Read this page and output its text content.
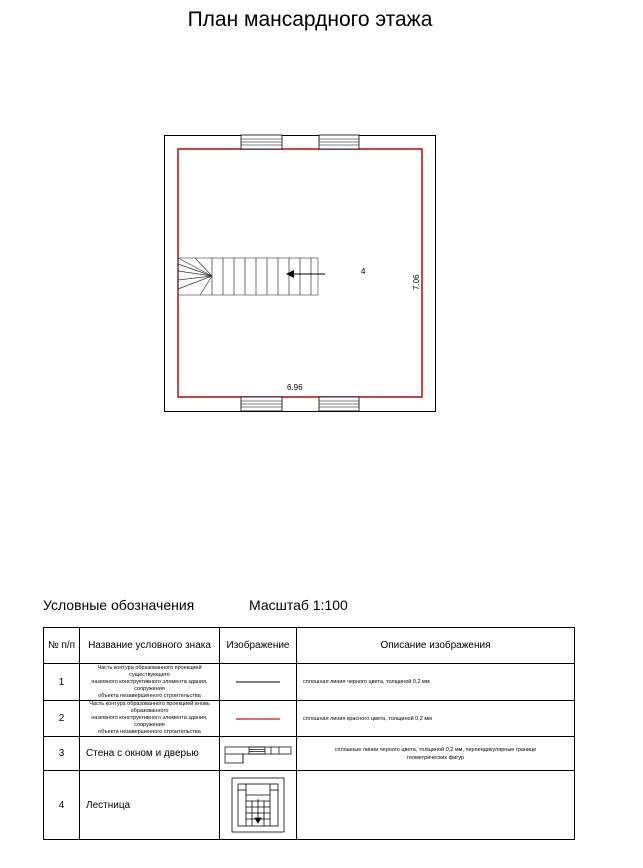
План мансардного этажа
4
6.96
7.06
Условные обозначения	Масштаб 1:100
№ п/п	Название условного знака	Изображение	Описание изображения
1	Часть контура образованного проекцией
существующего
наземного конструктивного элемента здания,
сооружения
объекта незавершенного строительства		сплошная линия черного цвета, толщиной 0,2 мм
2	Часть контура образованного проекцией вновь
образованного
наземного конструктивного элемента здания,
сооружения
объекта незавершенного строительства		сплошная линия красного цвета, толщиной 0,2 мм
3	Стена с окном и дверью		сплошные линии черного цвета, толщиной 0,2 мм, перпендикулярные границе
геометрических фигур

4	Лестница	
